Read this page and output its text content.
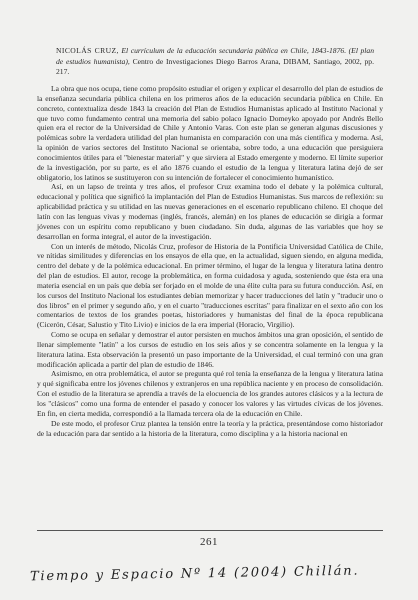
NICOLÁS CRUZ, El currículum de la educación secundaria pública en Chile, 1843-1876. (El plan de estudios humanista), Centro de Investigaciones Diego Barros Arana, DIBAM, Santiago, 2002, pp. 217.

La obra que nos ocupa, tiene como propósito estudiar el origen y explicar el desarrollo del plan de estudios de la enseñanza secundaria pública chilena en los primeros años de la educación secundaria pública en Chile. En concreto, contextualiza desde 1843 la creación del Plan de Estudios Humanistas aplicado al Instituto Nacional y que tuvo como fundamento central una memoria del sabio polaco Ignacio Domeyko apoyado por Andrés Bello quien era el rector de la Universidad de Chile y Antonio Varas. Con este plan se generan algunas discusiones y polémicas sobre la verdadera utilidad del plan humanista en comparación con una más científica y moderna. Así, la opinión de varios sectores del Instituto Nacional se orientaba, sobre todo, a una educación que persiguiera conocimientos útiles para el "bienestar material" y que sirviera al Estado emergente y moderno. El límite superior de la investigación, por su parte, es el año 1876 cuando el estudio de la lengua y literatura latina dejó de ser obligatorio, los latinos se sustituyeron con su intención de fortalecer el conocimiento humanístico.

Así, en un lapso de treinta y tres años, el profesor Cruz examina todo el debate y la polémica cultural, educacional y política que significó la implantación del Plan de Estudios Humanistas. Sus marcos de reflexión: su aplicabilidad práctica y su utilidad en las nuevas generaciones en el escenario republicano chileno. El choque del latín con las lenguas vivas y modernas (inglés, francés, alemán) en los planes de educación se dirigía a formar jóvenes con un espíritu como republicano y buen ciudadano. Sin duda, algunas de las variables que hoy se desarrollan en forma integral, el autor de la investigación.

Con un interés de método, Nicolás Cruz, profesor de Historia de la Pontificia Universidad Católica de Chile, ve nítidas similitudes y diferencias en los ensayos de ella que, en la actualidad, siguen siendo, en alguna medida, centro del debate y de la polémica educacional. En primer término, el lugar de la lengua y literatura latina dentro del plan de estudios. El autor, recoge la problemática, en forma cuidadosa y aguda, sosteniendo que ésta era una materia esencial en un país que debía ser forjado en el molde de una élite culta para su futura conducción. Así, en los cursos del Instituto Nacional los estudiantes debían memorizar y hacer traducciones del latín y "traducir uno o dos libros" en el primer y segundo año, y en el cuarto "traducciones escritas" para finalizar en el sexto año con los comentarios de textos de los grandes poetas, historiadores y humanistas del final de la época republicana (Cicerón, César, Salustio y Tito Livio) e inicios de la era imperial (Horacio, Virgilio).

Como se ocupa en señalar y demostrar el autor persisten en muchos ámbitos una gran oposición, el sentido de llenar simplemente "latín" a los cursos de estudio en los seis años y se concentra solamente en la lengua y la literatura latina. Esta observación la presentó un paso importante de la Universidad, el cual terminó con una gran modificación aplicada a partir del plan de estudio de 1846.

Asimismo, en otra problemática, el autor se pregunta qué rol tenía la enseñanza de la lengua y literatura latina y qué significaba entre los jóvenes chilenos y extranjeros en una república naciente y en proceso de consolidación. Con el estudio de la literatura se aprendía a través de la elocuencia de los grandes autores clásicos y a la lectura de los "clásicos" como una forma de entender el pasado y conocer los valores y las virtudes cívicas de los jóvenes. En fin, en cierta medida, correspondió a la llamada tercera ola de la educación en Chile.

De este modo, el profesor Cruz plantea la tensión entre la teoría y la práctica, presentándose como historiador de la educación para dar sentido a la historia de la literatura, como disciplina y a la historia nacional en

261
Tiempo y Espacio Nº 14 (2004) Chillán.
